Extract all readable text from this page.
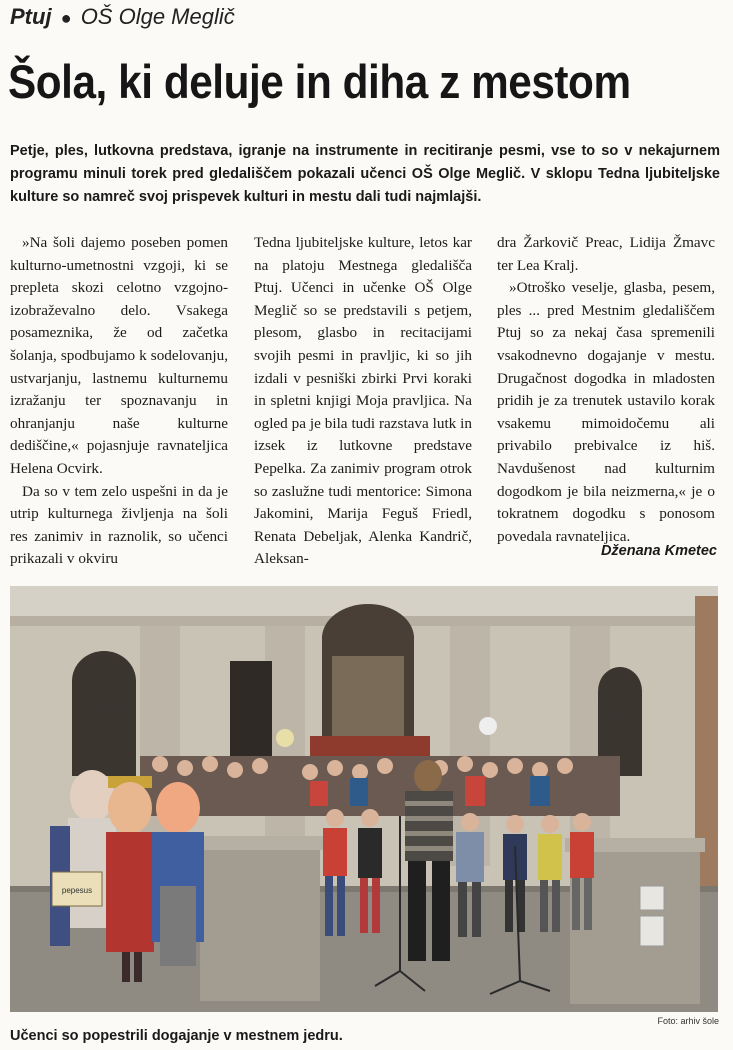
Ptuj ● OŠ Olge Meglič
Šola, ki deluje in diha z mestom

Petje, ples, lutkovna predstava, igranje na instrumente in recitiranje pesmi, vse to so v nekajurnem programu minuli torek pred gledališčem pokazali učenci OŠ Olge Meglič. V sklopu Tedna ljubiteljske kulture so namreč svoj prispevek kulturi in mestu dali tudi najmlajši.

»Na šoli dajemo poseben pomen kulturno-umetnostni vzgoji, ki se prepleta skozi celotno vzgojno-izobraževalno delo. Vsakega posameznika, že od začetka šolanja, spodbujamo k sodelovanju, ustvarjanju, lastnemu kulturnemu izražanju ter spoznavanju in ohranjanju naše kulturne dediščine,« pojasnjuje ravnateljica Helena Ocvirk.

Da so v tem zelo uspešni in da je utrip kulturnega življenja na šoli res zanimiv in raznolik, so učenci prikazali v okviru

Tedna ljubiteljske kulture, letos kar na platoju Mestnega gledališča Ptuj. Učenci in učenke OŠ Olge Meglič so se predstavili s petjem, plesom, glasbo in recitacijami svojih pesmi in pravljic, ki so jih izdali v pesniški zbirki Prvi koraki in spletni knjigi Moja pravljica. Na ogled pa je bila tudi razstava lutk in izsek iz lutkovne predstave Pepelka. Za zanimiv program otrok so zaslužne tudi mentorice: Simona Jakomini, Marija Feguš Friedl, Renata Debeljak, Alenka Kandrič, Aleksan-

dra Žarkovič Preac, Lidija Žmavc ter Lea Kralj.

»Otroško veselje, glasba, pesem, ples ... pred Mestnim gledališčem Ptuj so za nekaj časa spremenili vsakodnevno dogajanje v mestu. Drugačnost dogodka in mladosten pridih je za trenutek ustavilo korak vsakemu mimoidočemu ali privabilo prebivalce iz hiš. Navdušenost nad kulturnim dogodkom je bila neizmerna,« je o tokratnem dogodku s ponosom povedala ravnateljica.

Dženana Kmetec
pepesus
Foto: arhiv šole
Učenci so popestrili dogajanje v mestnem jedru.
